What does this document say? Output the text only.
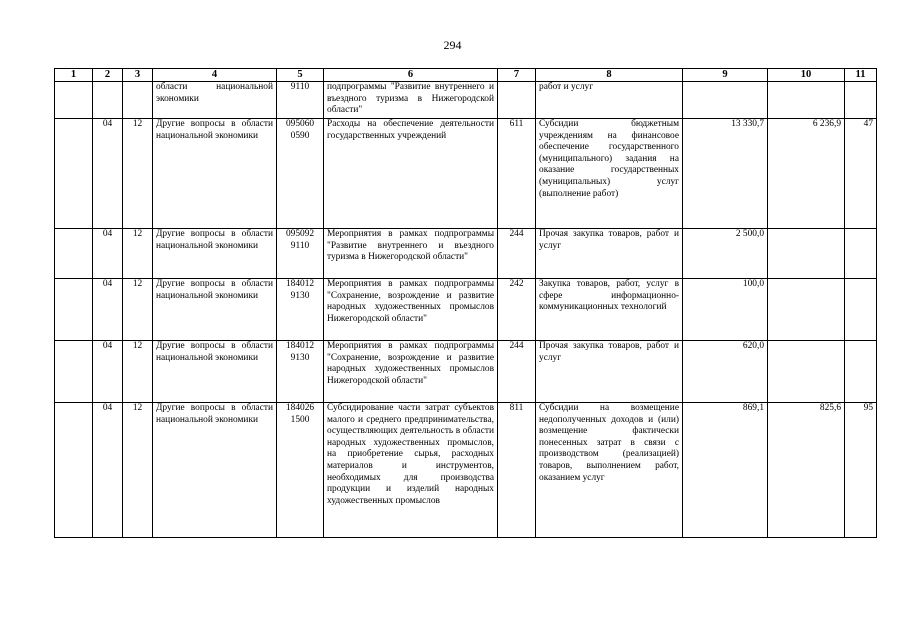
294
1	2	3	4	5	6	7	8	9	10	11
			области национальной экономики	9110	подпрограммы "Развитие внутреннего и въездного туризма в Нижегородской области"		работ и услуг			
	04	12	Другие вопросы в области национальной экономики	095060 0590	Расходы на обеспечение деятельности государственных учреждений	611	Субсидии бюджетным учреждениям на финансовое обеспечение государственного (муниципального) задания на оказание государственных (муниципальных) услуг (выполнение работ)	13 330,7	6 236,9	47
	04	12	Другие вопросы в области национальной экономики	095092 9110	Мероприятия в рамках подпрограммы "Развитие внутреннего и въездного туризма в Нижегородской области"	244	Прочая закупка товаров, работ и услуг	2 500,0		
	04	12	Другие вопросы в области национальной экономики	184012 9130	Мероприятия в рамках подпрограммы "Сохранение, возрождение и развитие народных художественных промыслов Нижегородской области"	242	Закупка товаров, работ, услуг в сфере информационно-коммуникационных технологий	100,0		
	04	12	Другие вопросы в области национальной экономики	184012 9130	Мероприятия в рамках подпрограммы "Сохранение, возрождение и развитие народных художественных промыслов Нижегородской области"	244	Прочая закупка товаров, работ и услуг	620,0		
	04	12	Другие вопросы в области национальной экономики	184026 1500	Субсидирование части затрат субъектов малого и среднего предпринимательства, осуществляющих деятельность в области народных художественных промыслов, на приобретение сырья, расходных материалов и инструментов, необходимых для производства продукции и изделий народных художественных промыслов	811	Субсидии на возмещение недополученных доходов и (или) возмещение фактически понесенных затрат в связи с производством (реализацией) товаров, выполнением работ, оказанием услуг	869,1	825,6	95
